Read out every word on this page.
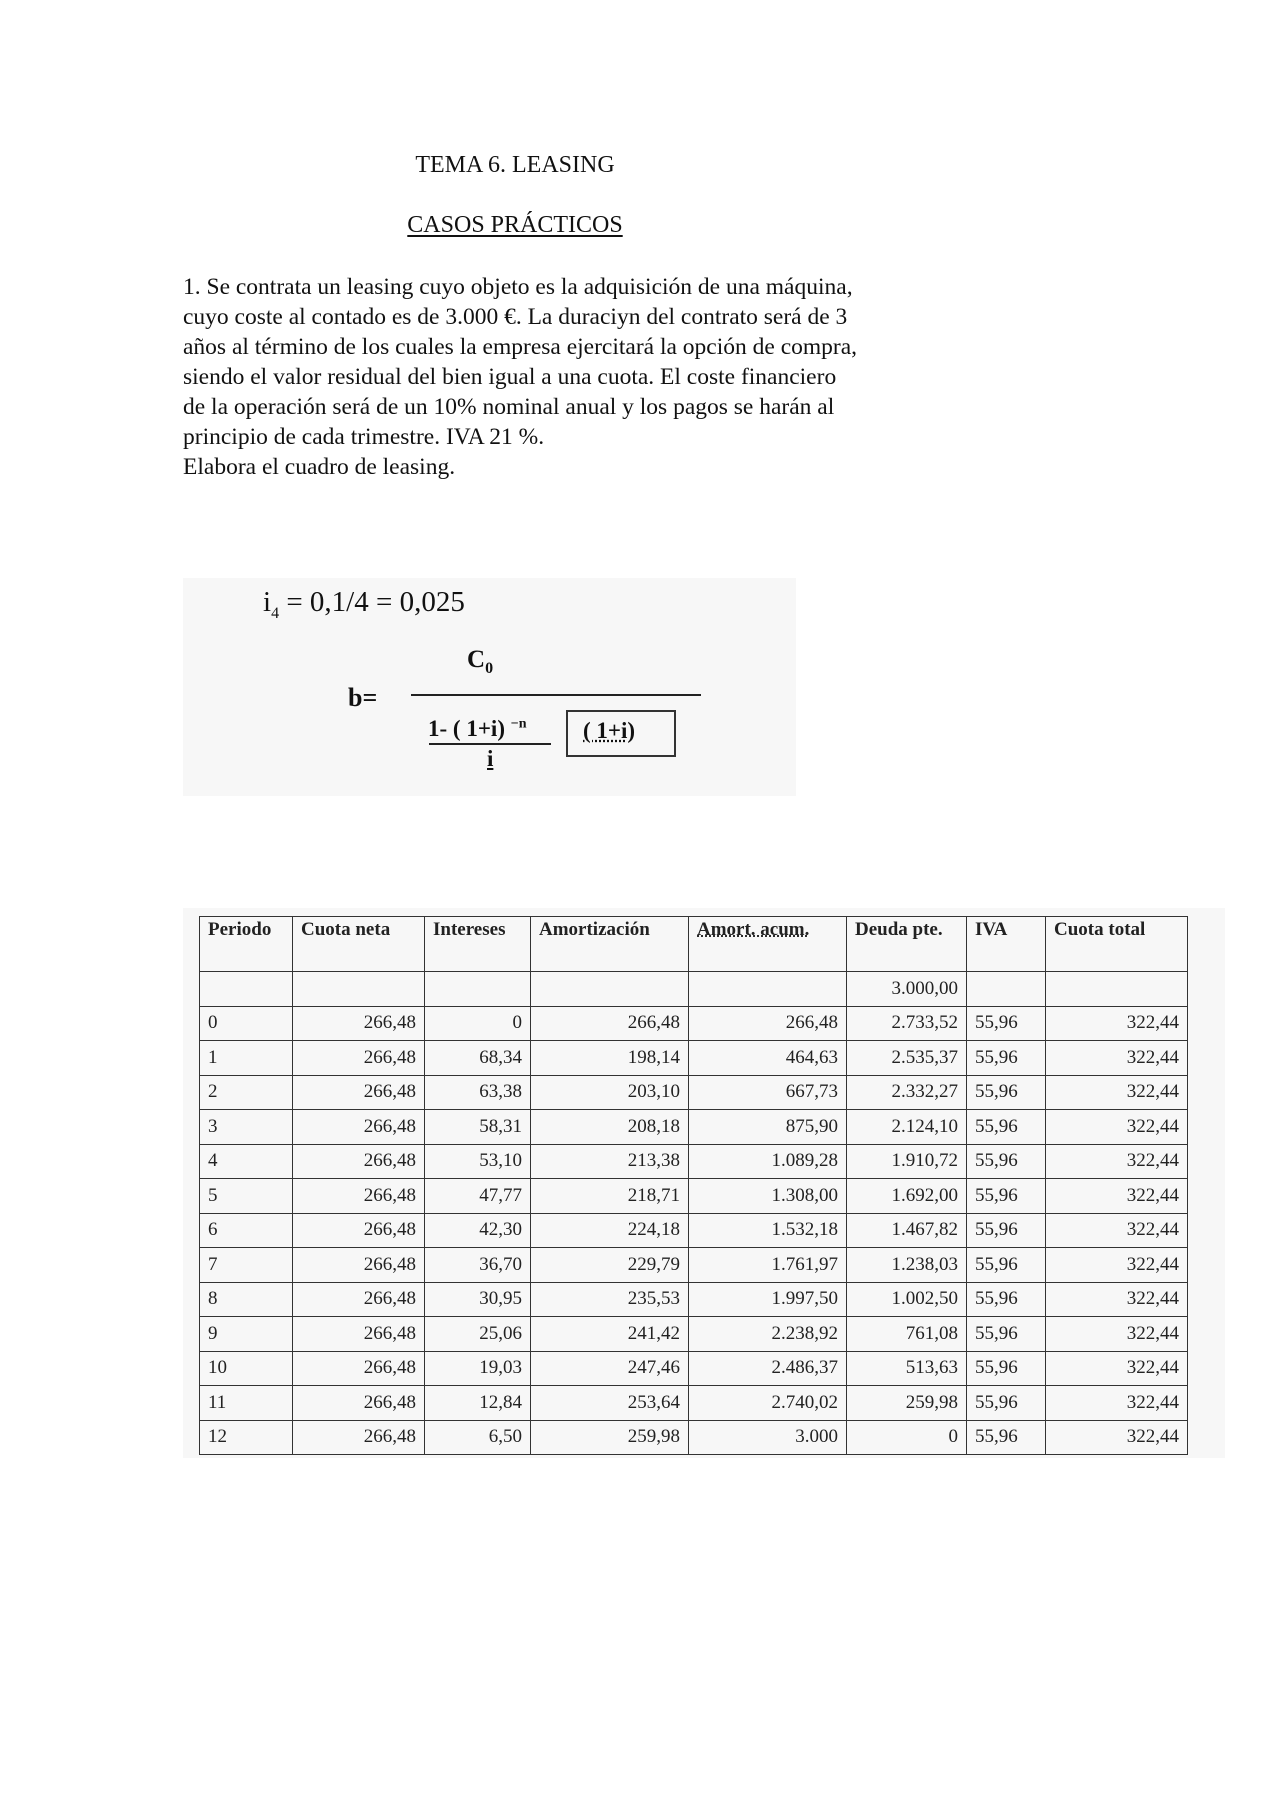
TEMA 6. LEASING
CASOS PRÁCTICOS
1. Se contrata un leasing cuyo objeto es la adquisición de una máquina,
cuyo coste al contado es de 3.000 €. La duraciyn del contrato será de 3
años al término de los cuales la empresa ejercitará la opción de compra,
siendo el valor residual del bien igual a una cuota. El coste financiero
de la operación será de un 10% nominal anual y los pagos se harán al
principio de cada trimestre. IVA 21 %.
Elabora el cuadro de leasing.
$i_4 = 0,1/4 = 0,025$
b=
$C_0$
1- ( 1+i) $^{-n}$
i
( 1+i)
Periodo	Cuota neta	Intereses	Amortización	Amort. acum.	Deuda pte.	IVA	Cuota total
					3.000,00		
0	266,48	0	266,48	266,48	2.733,52	55,96	322,44
1	266,48	68,34	198,14	464,63	2.535,37	55,96	322,44
2	266,48	63,38	203,10	667,73	2.332,27	55,96	322,44
3	266,48	58,31	208,18	875,90	2.124,10	55,96	322,44
4	266,48	53,10	213,38	1.089,28	1.910,72	55,96	322,44
5	266,48	47,77	218,71	1.308,00	1.692,00	55,96	322,44
6	266,48	42,30	224,18	1.532,18	1.467,82	55,96	322,44
7	266,48	36,70	229,79	1.761,97	1.238,03	55,96	322,44
8	266,48	30,95	235,53	1.997,50	1.002,50	55,96	322,44
9	266,48	25,06	241,42	2.238,92	761,08	55,96	322,44
10	266,48	19,03	247,46	2.486,37	513,63	55,96	322,44
11	266,48	12,84	253,64	2.740,02	259,98	55,96	322,44
12	266,48	6,50	259,98	3.000	0	55,96	322,44
